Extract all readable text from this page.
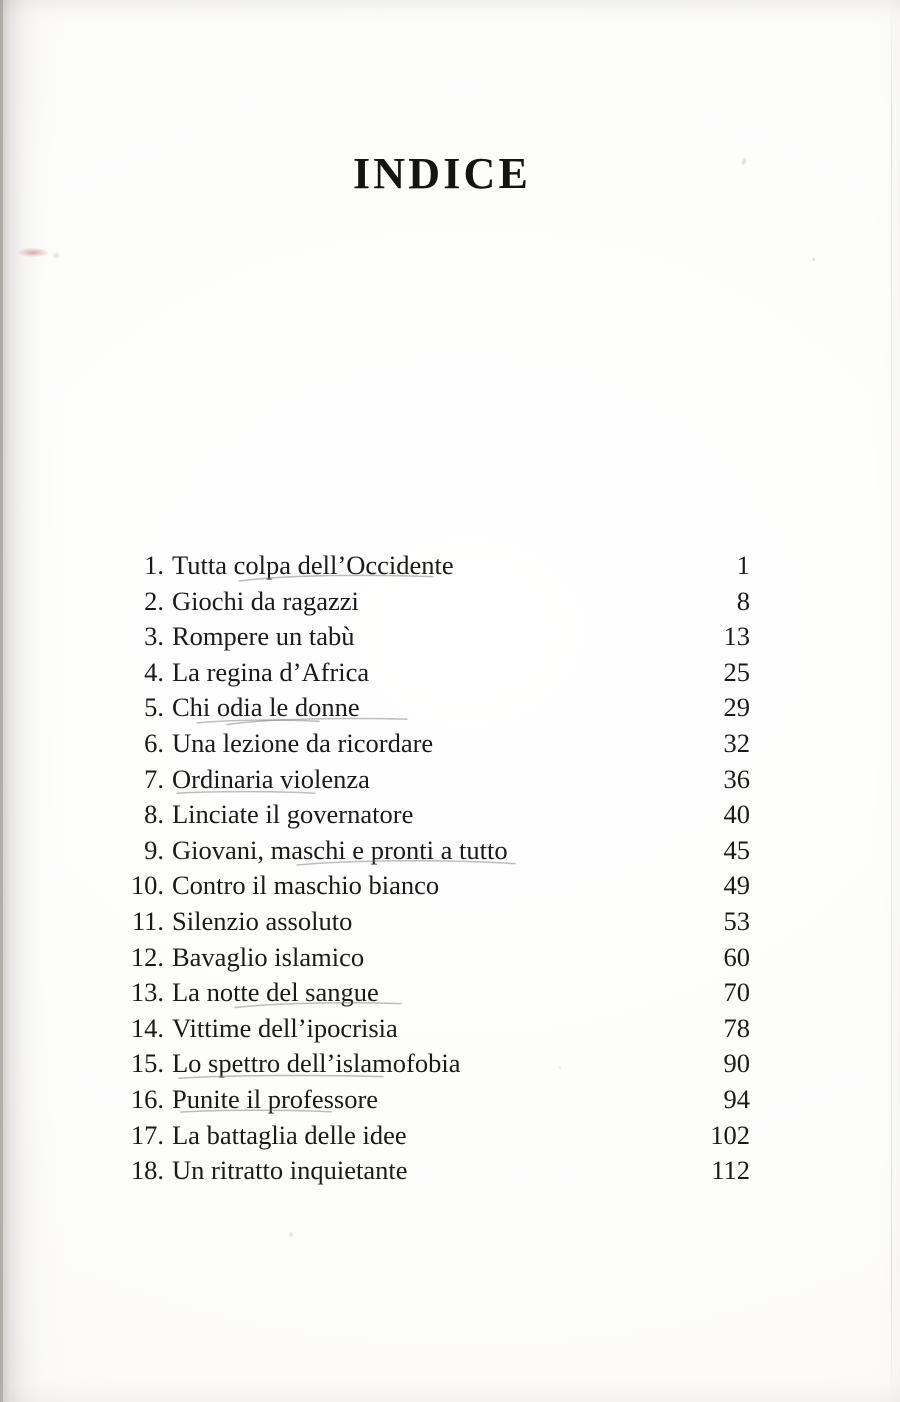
INDICE
1. Tutta colpa dell’Occidente	1
2. Giochi da ragazzi	8
3. Rompere un tabù	13
4. La regina d’Africa	25
5. Chi odia le donne	29
6. Una lezione da ricordare	32
7. Ordinaria violenza	36
8. Linciate il governatore	40
9. Giovani, maschi e pronti a tutto	45
10. Contro il maschio bianco	49
11. Silenzio assoluto	53
12. Bavaglio islamico	60
13. La notte del sangue	70
14. Vittime dell’ipocrisia	78
15. Lo spettro dell’islamofobia	90
16. Punite il professore	94
17. La battaglia delle idee	102
18. Un ritratto inquietante	112
